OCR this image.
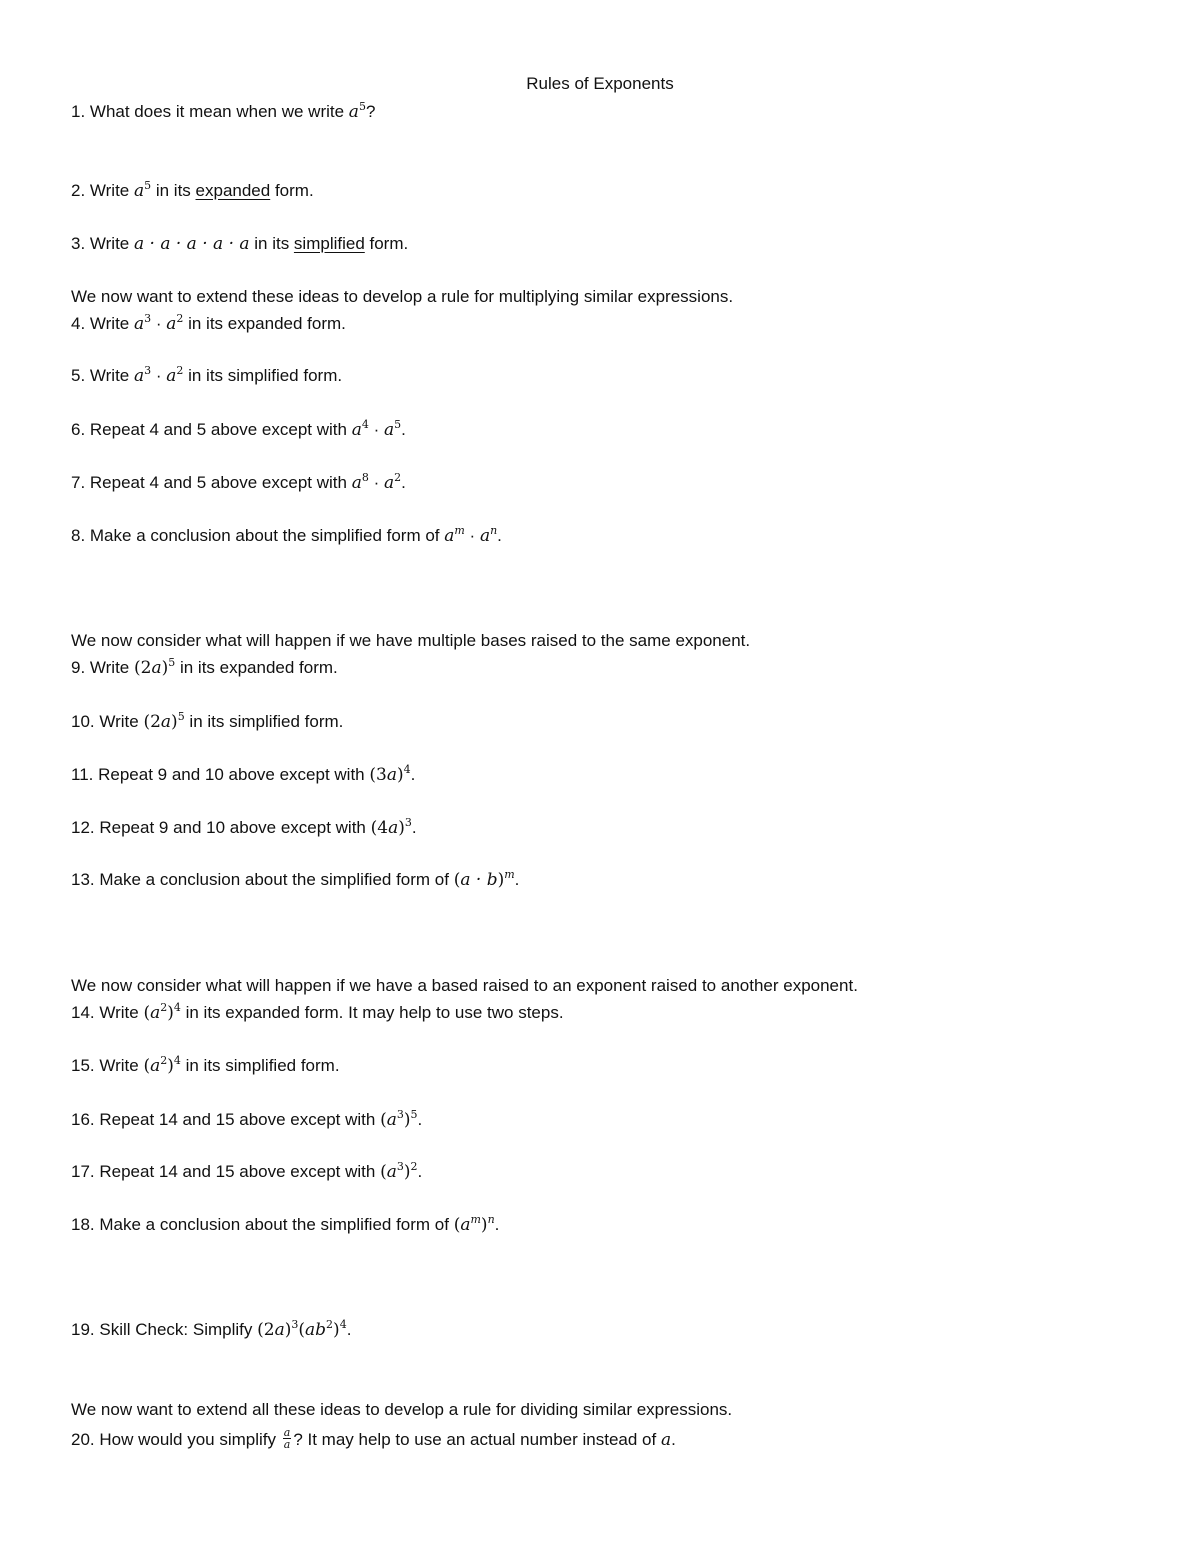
Rules of Exponents
1. What does it mean when we write $a^5$?
2. Write $a^5$ in its expanded form.
3. Write a · a · a · a · a in its simplified form.
We now want to extend these ideas to develop a rule for multiplying similar expressions.
4. Write $a^3 \cdot a^2$ in its expanded form.
5. Write $a^3 \cdot a^2$ in its simplified form.
6. Repeat 4 and 5 above except with $a^4 \cdot a^5$.
7. Repeat 4 and 5 above except with $a^8 \cdot a^2$.
8. Make a conclusion about the simplified form of $a^m \cdot a^n$.
We now consider what will happen if we have multiple bases raised to the same exponent.
9. Write $(2a)^5$ in its expanded form.
10. Write $(2a)^5$ in its simplified form.
11. Repeat 9 and 10 above except with $(3a)^4$.
12. Repeat 9 and 10 above except with $(4a)^3$.
13. Make a conclusion about the simplified form of $(a \cdot b)^m$.
We now consider what will happen if we have a based raised to an exponent raised to another exponent.
14. Write $(a^2)^4$ in its expanded form. It may help to use two steps.
15. Write $(a^2)^4$ in its simplified form.
16. Repeat 14 and 15 above except with $(a^3)^5$.
17. Repeat 14 and 15 above except with $(a^3)^2$.
18. Make a conclusion about the simplified form of $(a^m)^n$.
19. Skill Check: Simplify $(2a)^3(ab^2)^4$.
We now want to extend all these ideas to develop a rule for dividing similar expressions.
20. How would you simplify $\frac{a}{a}$ ? It may help to use an actual number instead of a.
